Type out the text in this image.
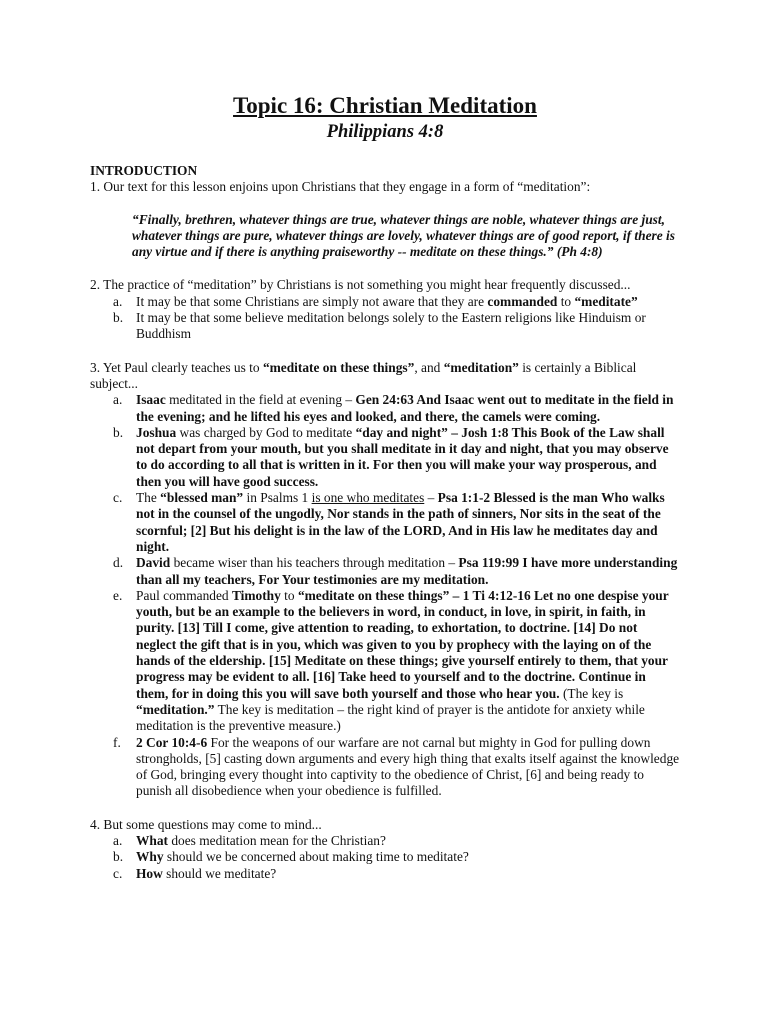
Topic 16: Christian Meditation
Philippians 4:8
INTRODUCTION

1. Our text for this lesson enjoins upon Christians that they engage in a form of “meditation”:

“Finally, brethren, whatever things are true, whatever things are noble, whatever things are just, whatever things are pure, whatever things are lovely, whatever things are of good report, if there is any virtue and if there is anything praiseworthy -- meditate on these things.” (Ph 4:8)

2. The practice of “meditation” by Christians is not something you might hear frequently discussed...

a. It may be that some Christians are simply not aware that they are commanded to “meditate”
b. It may be that some believe meditation belongs solely to the Eastern religions like Hinduism or Buddhism

3. Yet Paul clearly teaches us to “meditate on these things”, and “meditation” is certainly a Biblical subject...

a. Isaac meditated in the field at evening – Gen 24:63 And Isaac went out to meditate in the field in the evening; and he lifted his eyes and looked, and there, the camels were coming.
b. Joshua was charged by God to meditate “day and night” – Josh 1:8 This Book of the Law shall not depart from your mouth, but you shall meditate in it day and night, that you may observe to do according to all that is written in it. For then you will make your way prosperous, and then you will have good success.
c. The “blessed man” in Psalms 1 is one who meditates – Psa 1:1-2 Blessed is the man Who walks not in the counsel of the ungodly, Nor stands in the path of sinners, Nor sits in the seat of the scornful; [2] But his delight is in the law of the LORD, And in His law he meditates day and night.
d. David became wiser than his teachers through meditation – Psa 119:99 I have more understanding than all my teachers, For Your testimonies are my meditation.
e. Paul commanded Timothy to “meditate on these things” – 1 Ti 4:12-16 Let no one despise your youth, but be an example to the believers in word, in conduct, in love, in spirit, in faith, in purity. [13] Till I come, give attention to reading, to exhortation, to doctrine. [14] Do not neglect the gift that is in you, which was given to you by prophecy with the laying on of the hands of the eldership. [15] Meditate on these things; give yourself entirely to them, that your progress may be evident to all. [16] Take heed to yourself and to the doctrine. Continue in them, for in doing this you will save both yourself and those who hear you. (The key is “meditation.” The key is meditation – the right kind of prayer is the antidote for anxiety while meditation is the preventive measure.)
f. 2 Cor 10:4-6 For the weapons of our warfare are not carnal but mighty in God for pulling down strongholds, [5] casting down arguments and every high thing that exalts itself against the knowledge of God, bringing every thought into captivity to the obedience of Christ, [6] and being ready to punish all disobedience when your obedience is fulfilled.

4. But some questions may come to mind...

a. What does meditation mean for the Christian?
b. Why should we be concerned about making time to meditate?
c. How should we meditate?
